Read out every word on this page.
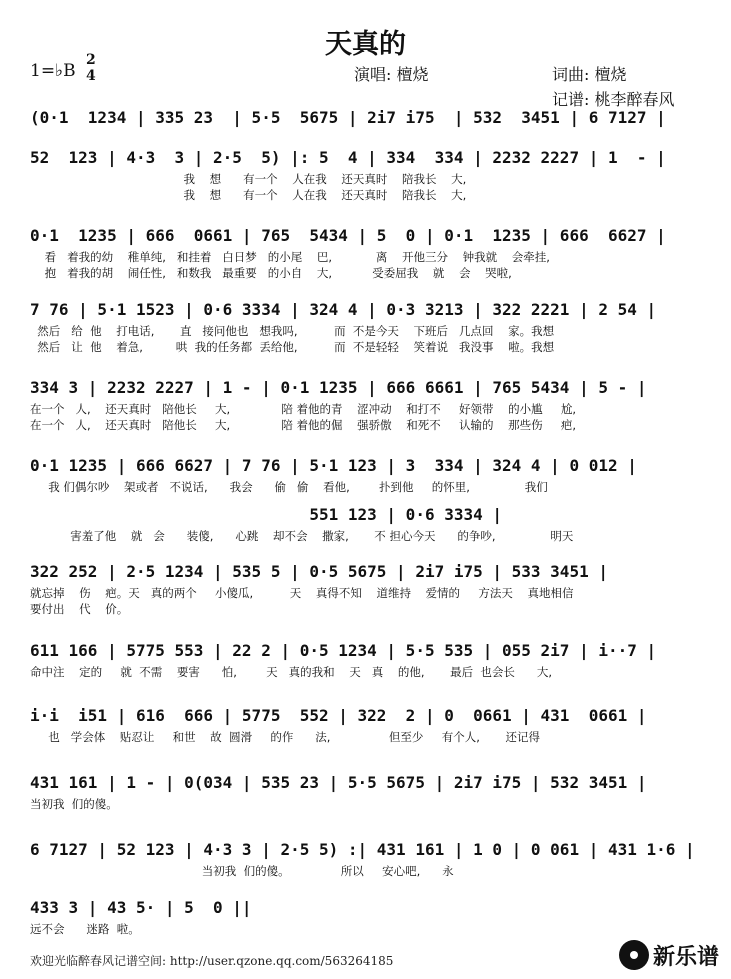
天真的
1=♭B
2
4	演唱: 檀烧	词曲: 檀烧
记谱: 桃李醉春风
(0·1  1234 | 335 23  | 5·5  5675 | 2i7 i75  | 532  3451 | 6 7127 |
52  123 | 4·3  3 | 2·5  5) |: 5  4 | 334  334 | 2232 2227 | 1  - |
我    想      有一个    人在我    还天真时    陪我长    大,
我    想      有一个    人在我    还天真时    陪我长    大,
0·1  1235 | 666  0661 | 765  5434 | 5  0 | 0·1  1235 | 666  6627 |
看   着我的幼    稚单纯,   和挂着   白日梦   的小尾    巴,            离    开他三分    钟我就    会牵挂,
抱   着我的胡    闹任性,   和数我   最重要   的小自    大,           受委屈我    就    会    哭啦,
7 76 | 5·1 1523 | 0·6 3334 | 324 4 | 0·3 3213 | 322 2221 | 2 54 |
然后   给  他    打电话,       直   接问他也   想我吗,          而  不是今天    下班后   几点回    家。我想
然后   让  他    着急,         哄  我的任务都  丢给他,          而  不是轻轻    笑着说   我没事    啦。我想
334 3 | 2232 2227 | 1 - | 0·1 1235 | 666 6661 | 765 5434 | 5 - |
在一个   人,    还天真时   陪他长     大,              陪 着他的青    涩冲动    和打不     好领带    的小尴     尬,
在一个   人,    还天真时   陪他长     大,              陪 着他的倔    强骄傲    和死不     认输的    那些伤     疤,
0·1 1235 | 666 6627 | 7 76 | 5·1 123 | 3  334 | 324 4 | 0 012 |
我 们偶尔吵    架或者   不说话,      我会      偷   偷    看他,        扑到他     的怀里,               我们
551 123 | 0·6 3334 |
害羞了他    就   会      装傻,      心跳    却不会    撒家,       不 担心今天      的争吵,               明天
322 252 | 2·5 1234 | 535 5 | 0·5 5675 | 2i7 i75 | 533 3451 |
就忘掉    伤    疤。天   真的两个     小傻瓜,          天    真得不知    道维持    爱情的     方法天    真地相信
要付出    代    价。
611 166 | 5775 553 | 22 2 | 0·5 1234 | 5·5 535 | 055 2i7 | i··7 |
命中注    定的     就  不需    要害      怕,        天   真的我和    天   真    的他,       最后  也会长      大,
i·i  i51 | 616  666 | 5775  552 | 322  2 | 0  0661 | 431  0661 |
也   学会体    贴忍让     和世    故  圆滑     的作      法,                但至少     有个人,       还记得
431 161 | 1 - | 0(034 | 535 23 | 5·5 5675 | 2i7 i75 | 532 3451 |
当初我  们的傻。
6 7127 | 52 123 | 4·3 3 | 2·5 5) :| 431 161 | 1 0 | 0 061 | 431 1·6 |
当初我  们的傻。              所以     安心吧,      永
433 3 | 43 5· | 5  0 ||
远不会      迷路  啦。
欢迎光临醉春风记谱空间: http://user.qzone.qq.com/563264185	新乐谱
